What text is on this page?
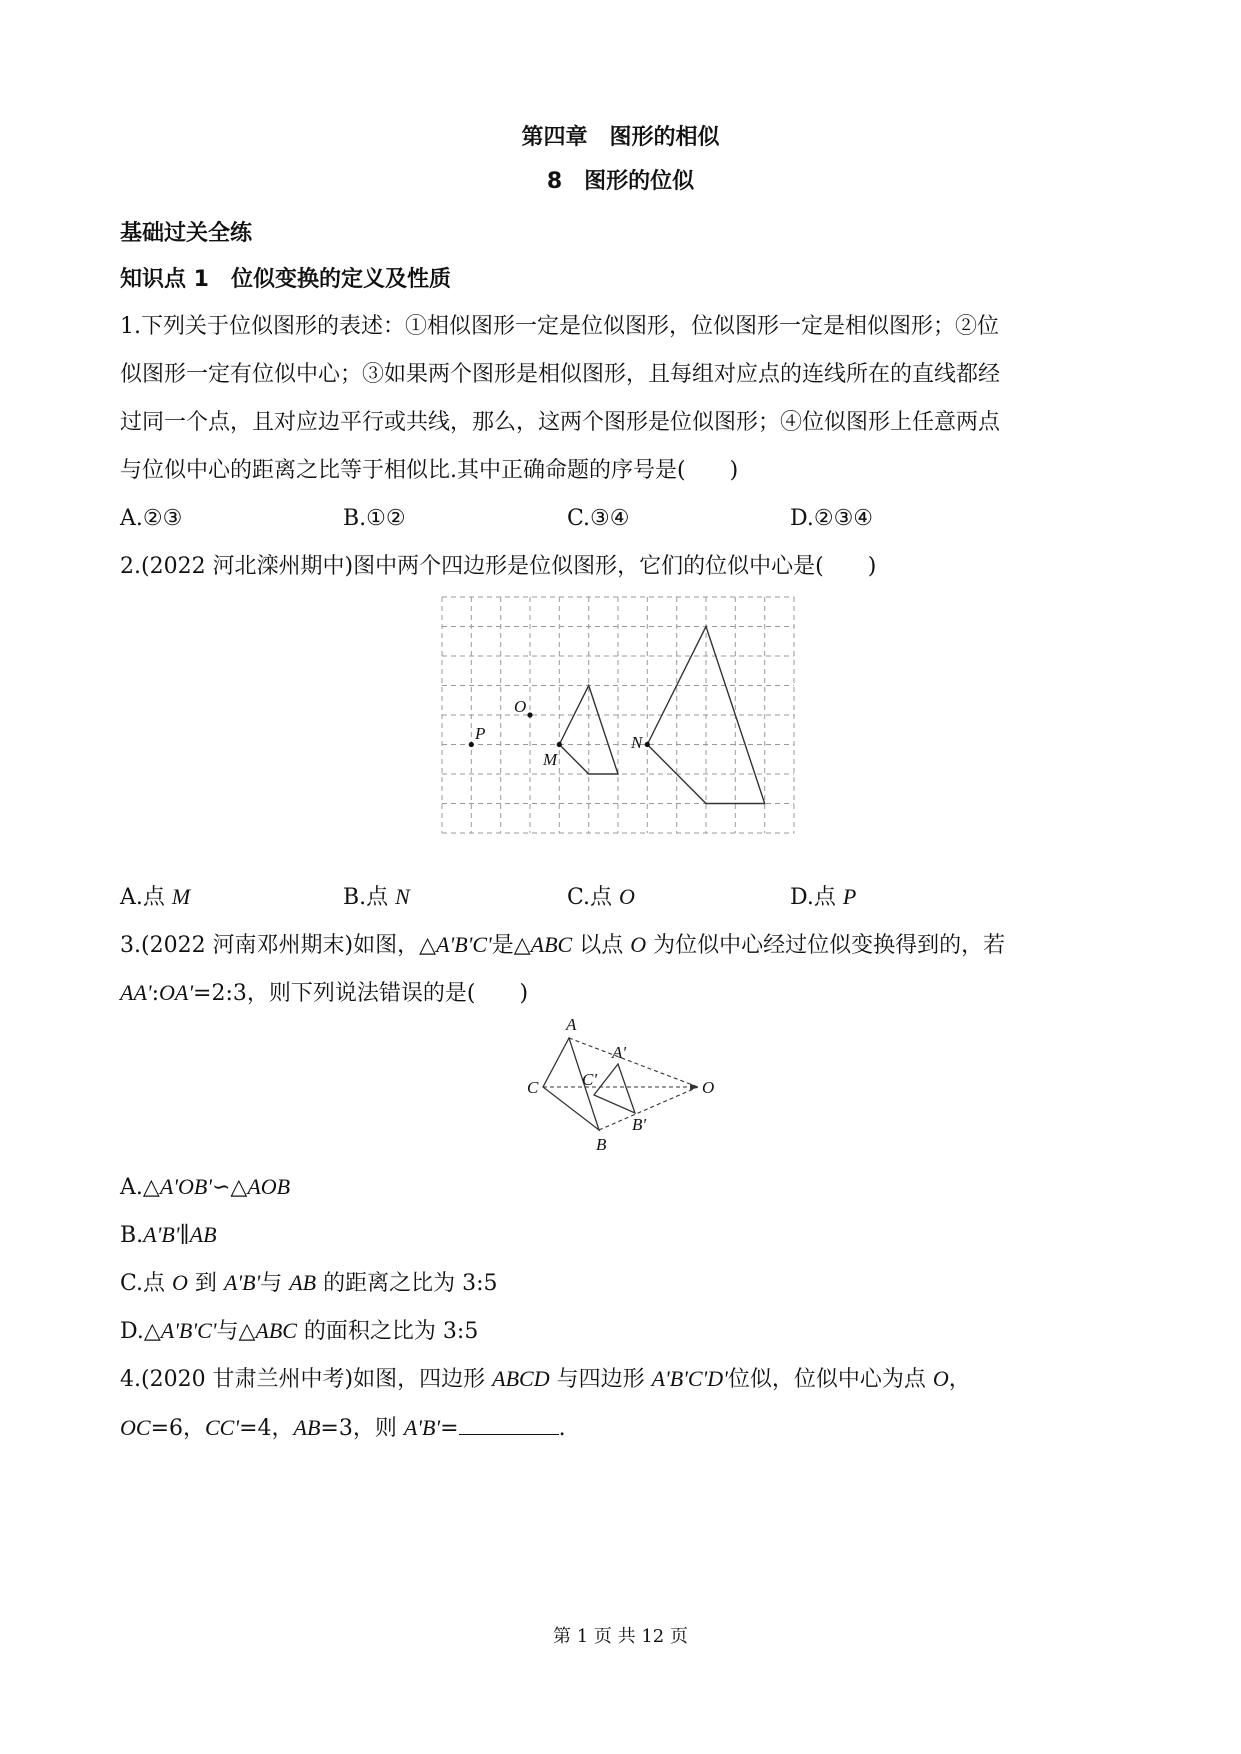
第四章　图形的相似
8　图形的位似
基础过关全练
知识点 1　位似变换的定义及性质
1.下列关于位似图形的表述：①相似图形一定是位似图形，位似图形一定是相似图形；②位
似图形一定有位似中心；③如果两个图形是相似图形，且每组对应点的连线所在的直线都经
过同一个点，且对应边平行或共线，那么，这两个图形是位似图形；④位似图形上任意两点
与位似中心的距离之比等于相似比.其中正确命题的序号是(　　)
A.②③	B.①②	C.③④	D.②③④
2.(2022 河北滦州期中)图中两个四边形是位似图形，它们的位似中心是(　　)
O
P
M
N
A.点 M	B.点 N	C.点 O	D.点 P
3.(2022 河南邓州期末)如图，△A'B'C'是△ABC 以点 O 为位似中心经过位似变换得到的，若
AA':OA'=2:3，则下列说法错误的是(　　)
A
A'
C	C'
B'
B
O
A.△A'OB'∽△AOB
B.A'B'∥AB
C.点 O 到 A'B'与 AB 的距离之比为 3:5
D.△A'B'C'与△ABC 的面积之比为 3:5
4.(2020 甘肃兰州中考)如图，四边形 ABCD 与四边形 A'B'C'D'位似，位似中心为点 O，
OC=6，CC'=4，AB=3，则 A'B'=	.
第 1 页 共 12 页
